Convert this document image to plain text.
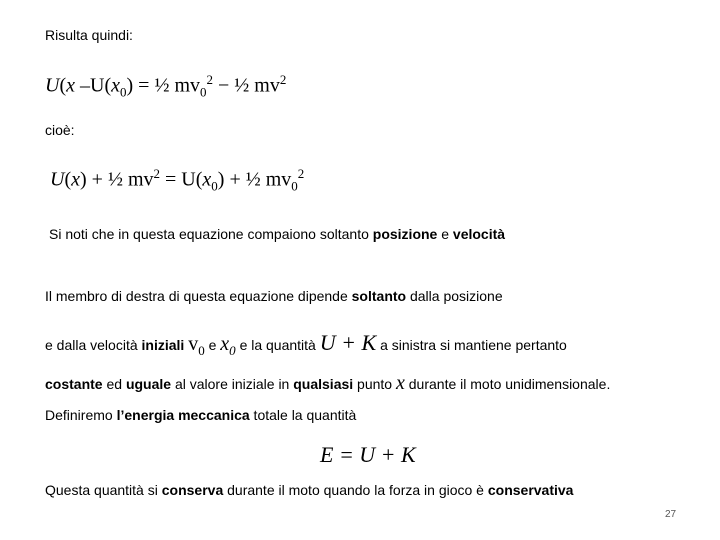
Risulta quindi:
U(x $-U(x_0)$ = ½ $mv_0^2$ − ½ $mv^2$
cioè:
U(x) + ½ $mv^2 = U(x_0)$ + ½ $mv_0^2$
Si noti che in questa equazione compaiono soltanto posizione e velocità
Il membro di destra di questa equazione dipende soltanto dalla posizione
e dalla velocità iniziali $v_0$ e $x_0$ e la quantità U + K a sinistra si mantiene pertanto
costante ed uguale al valore iniziale in qualsiasi punto x durante il moto unidimensionale.
Definiremo l’energia meccanica totale la quantità
E = U + K
Questa quantità si conserva durante il moto quando la forza in gioco è conservativa
27
